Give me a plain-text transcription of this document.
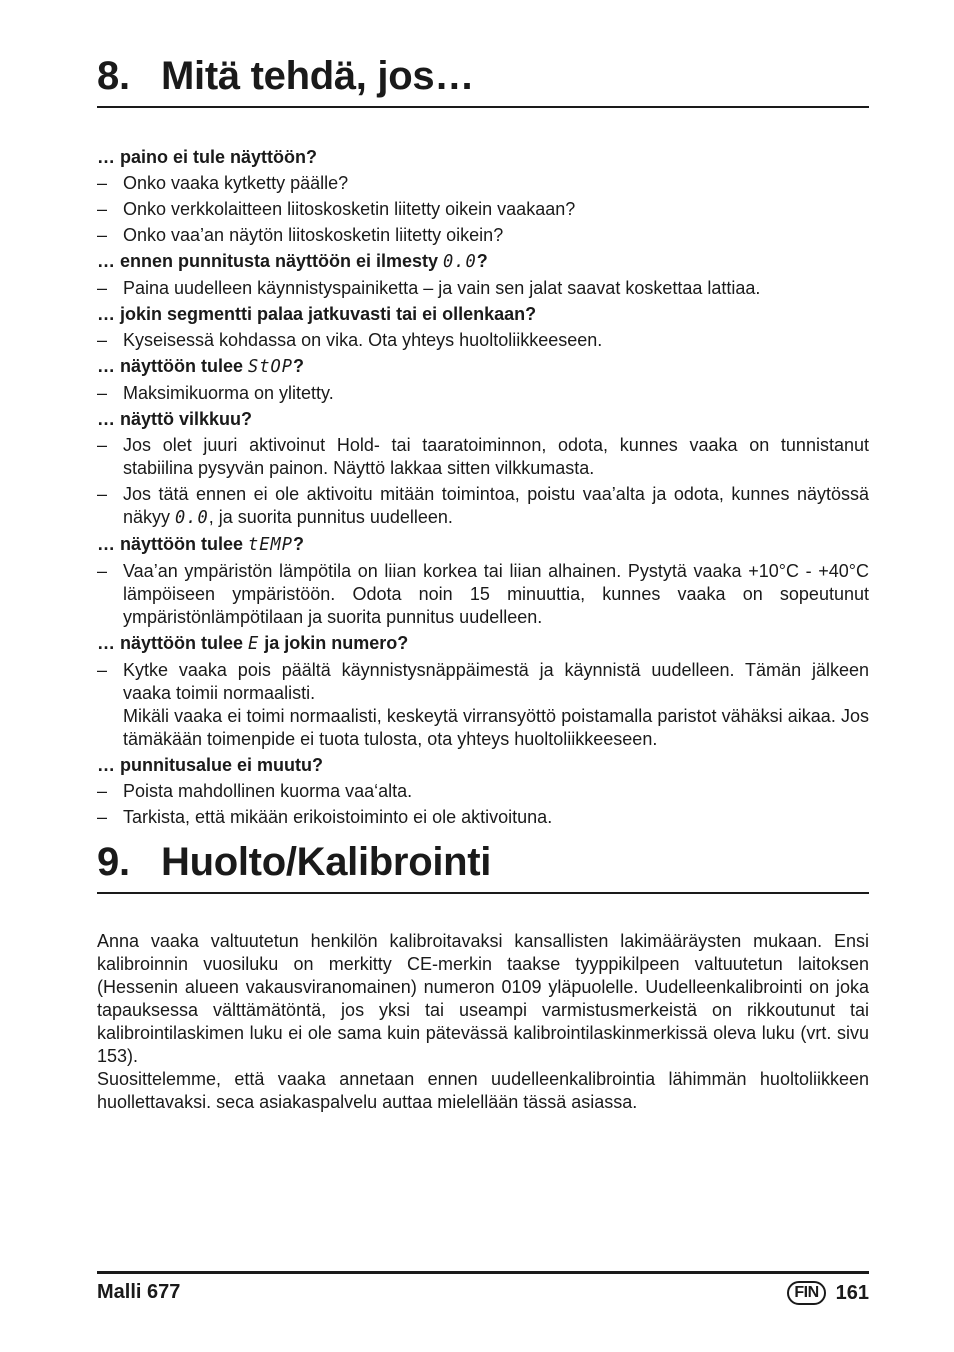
8. Mitä tehdä, jos…
… paino ei tule näyttöön?
– Onko vaaka kytketty päälle?
– Onko verkkolaitteen liitoskosketin liitetty oikein vaakaan?
– Onko vaa’an näytön liitoskosketin liitetty oikein?
… ennen punnitusta näyttöön ei ilmesty 0.0?
– Paina uudelleen käynnistyspainiketta – ja vain sen jalat saavat koskettaa lattiaa.
… jokin segmentti palaa jatkuvasti tai ei ollenkaan?
– Kyseisessä kohdassa on vika. Ota yhteys huoltoliikkeeseen.
… näyttöön tulee StOP?
– Maksimikuorma on ylitetty.
… näyttö vilkkuu?
– Jos olet juuri aktivoinut Hold- tai taaratoiminnon, odota, kunnes vaaka on tunnistanut stabiilina pysyvän painon. Näyttö lakkaa sitten vilkkumasta.
– Jos tätä ennen ei ole aktivoitu mitään toimintoa, poistu vaa’alta ja odota, kunnes näytössä näkyy 0.0, ja suorita punnitus uudelleen.
… näyttöön tulee tEMP?
– Vaa’an ympäristön lämpötila on liian korkea tai liian alhainen. Pystytä vaaka +10°C - +40°C lämpöiseen ympäristöön. Odota noin 15 minuuttia, kunnes vaaka on sopeutunut ympäristönlämpötilaan ja suorita punnitus uudelleen.
… näyttöön tulee E ja jokin numero?
– Kytke vaaka pois päältä käynnistysnäppäimestä ja käynnistä uudelleen. Tämän jälkeen vaaka toimii normaalisti.
Mikäli vaaka ei toimi normaalisti, keskeytä virransyöttö poistamalla paristot vähäksi aikaa. Jos tämäkään toimenpide ei tuota tulosta, ota yhteys huoltoliikkeeseen.
… punnitusalue ei muutu?
– Poista mahdollinen kuorma vaa‘alta.
– Tarkista, että mikään erikoistoiminto ei ole aktivoituna.
9. Huolto/Kalibrointi

Anna vaaka valtuutetun henkilön kalibroitavaksi kansallisten lakimääräysten mukaan. Ensi kalibroinnin vuosiluku on merkitty CE-merkin taakse tyyppikilpeen valtuutetun laitoksen (Hessenin alueen vakausviranomainen) numeron 0109 yläpuolelle. Uudelleenkalibrointi on joka tapauksessa välttämätöntä, jos yksi tai useampi varmistusmerkeistä on rikkoutunut tai kalibrointilaskimen luku ei ole sama kuin pätevässä kalibrointilaskinmerkissä oleva luku (vrt. sivu 153).

Suosittelemme, että vaaka annetaan ennen uudelleenkalibrointia lähimmän huoltoliikkeen huollettavaksi. seca asiakaspalvelu auttaa mielellään tässä asiassa.

Malli 677	FIN 161
